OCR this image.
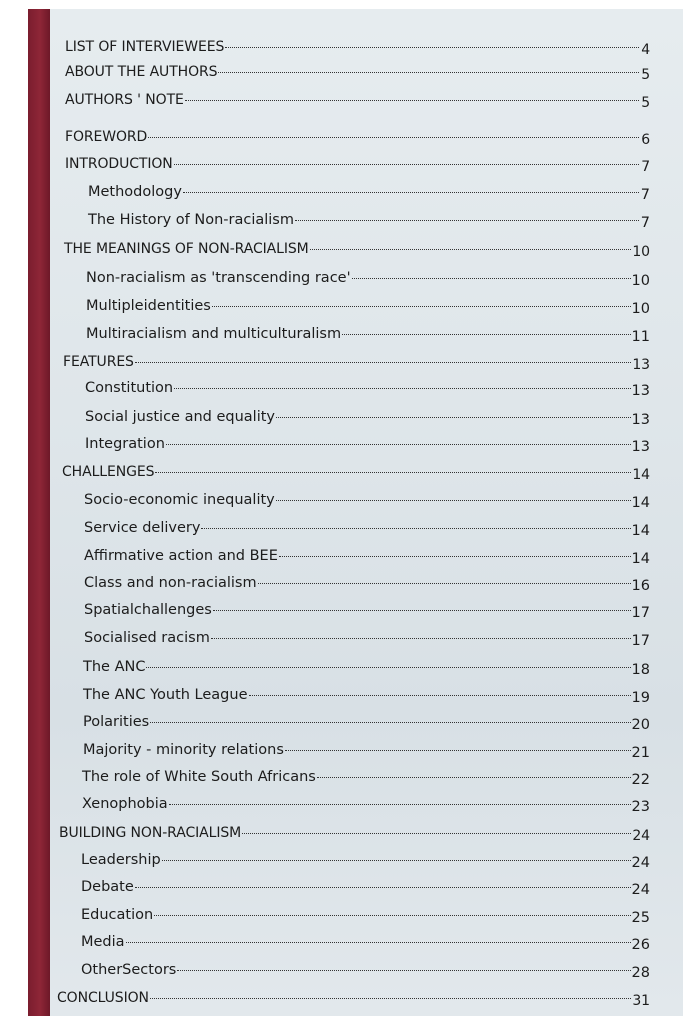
LIST OF INTERVIEWEES	4
ABOUT THE AUTHORS	5
AUTHORS ' NOTE	5
FOREWORD	6
INTRODUCTION	7
Methodology	7
The History of Non-racialism	7
THE MEANINGS OF NON-RACIALISM	10
Non-racialism as 'transcending race'	10
Multipleidentities	10
Multiracialism and multiculturalism	11
FEATURES	13
Constitution	13
Social justice and equality	13
Integration	13
CHALLENGES	14
Socio-economic inequality	14
Service delivery	14
Affirmative action and BEE	14
Class and non-racialism	16
Spatialchallenges	17
Socialised racism	17
The ANC	18
The ANC Youth League	19
Polarities	20
Majority - minority relations	21
The role of White South Africans	22
Xenophobia	23
BUILDING NON-RACIALISM	24
Leadership	24
Debate	24
Education	25
Media	26
OtherSectors	28
CONCLUSION	31
